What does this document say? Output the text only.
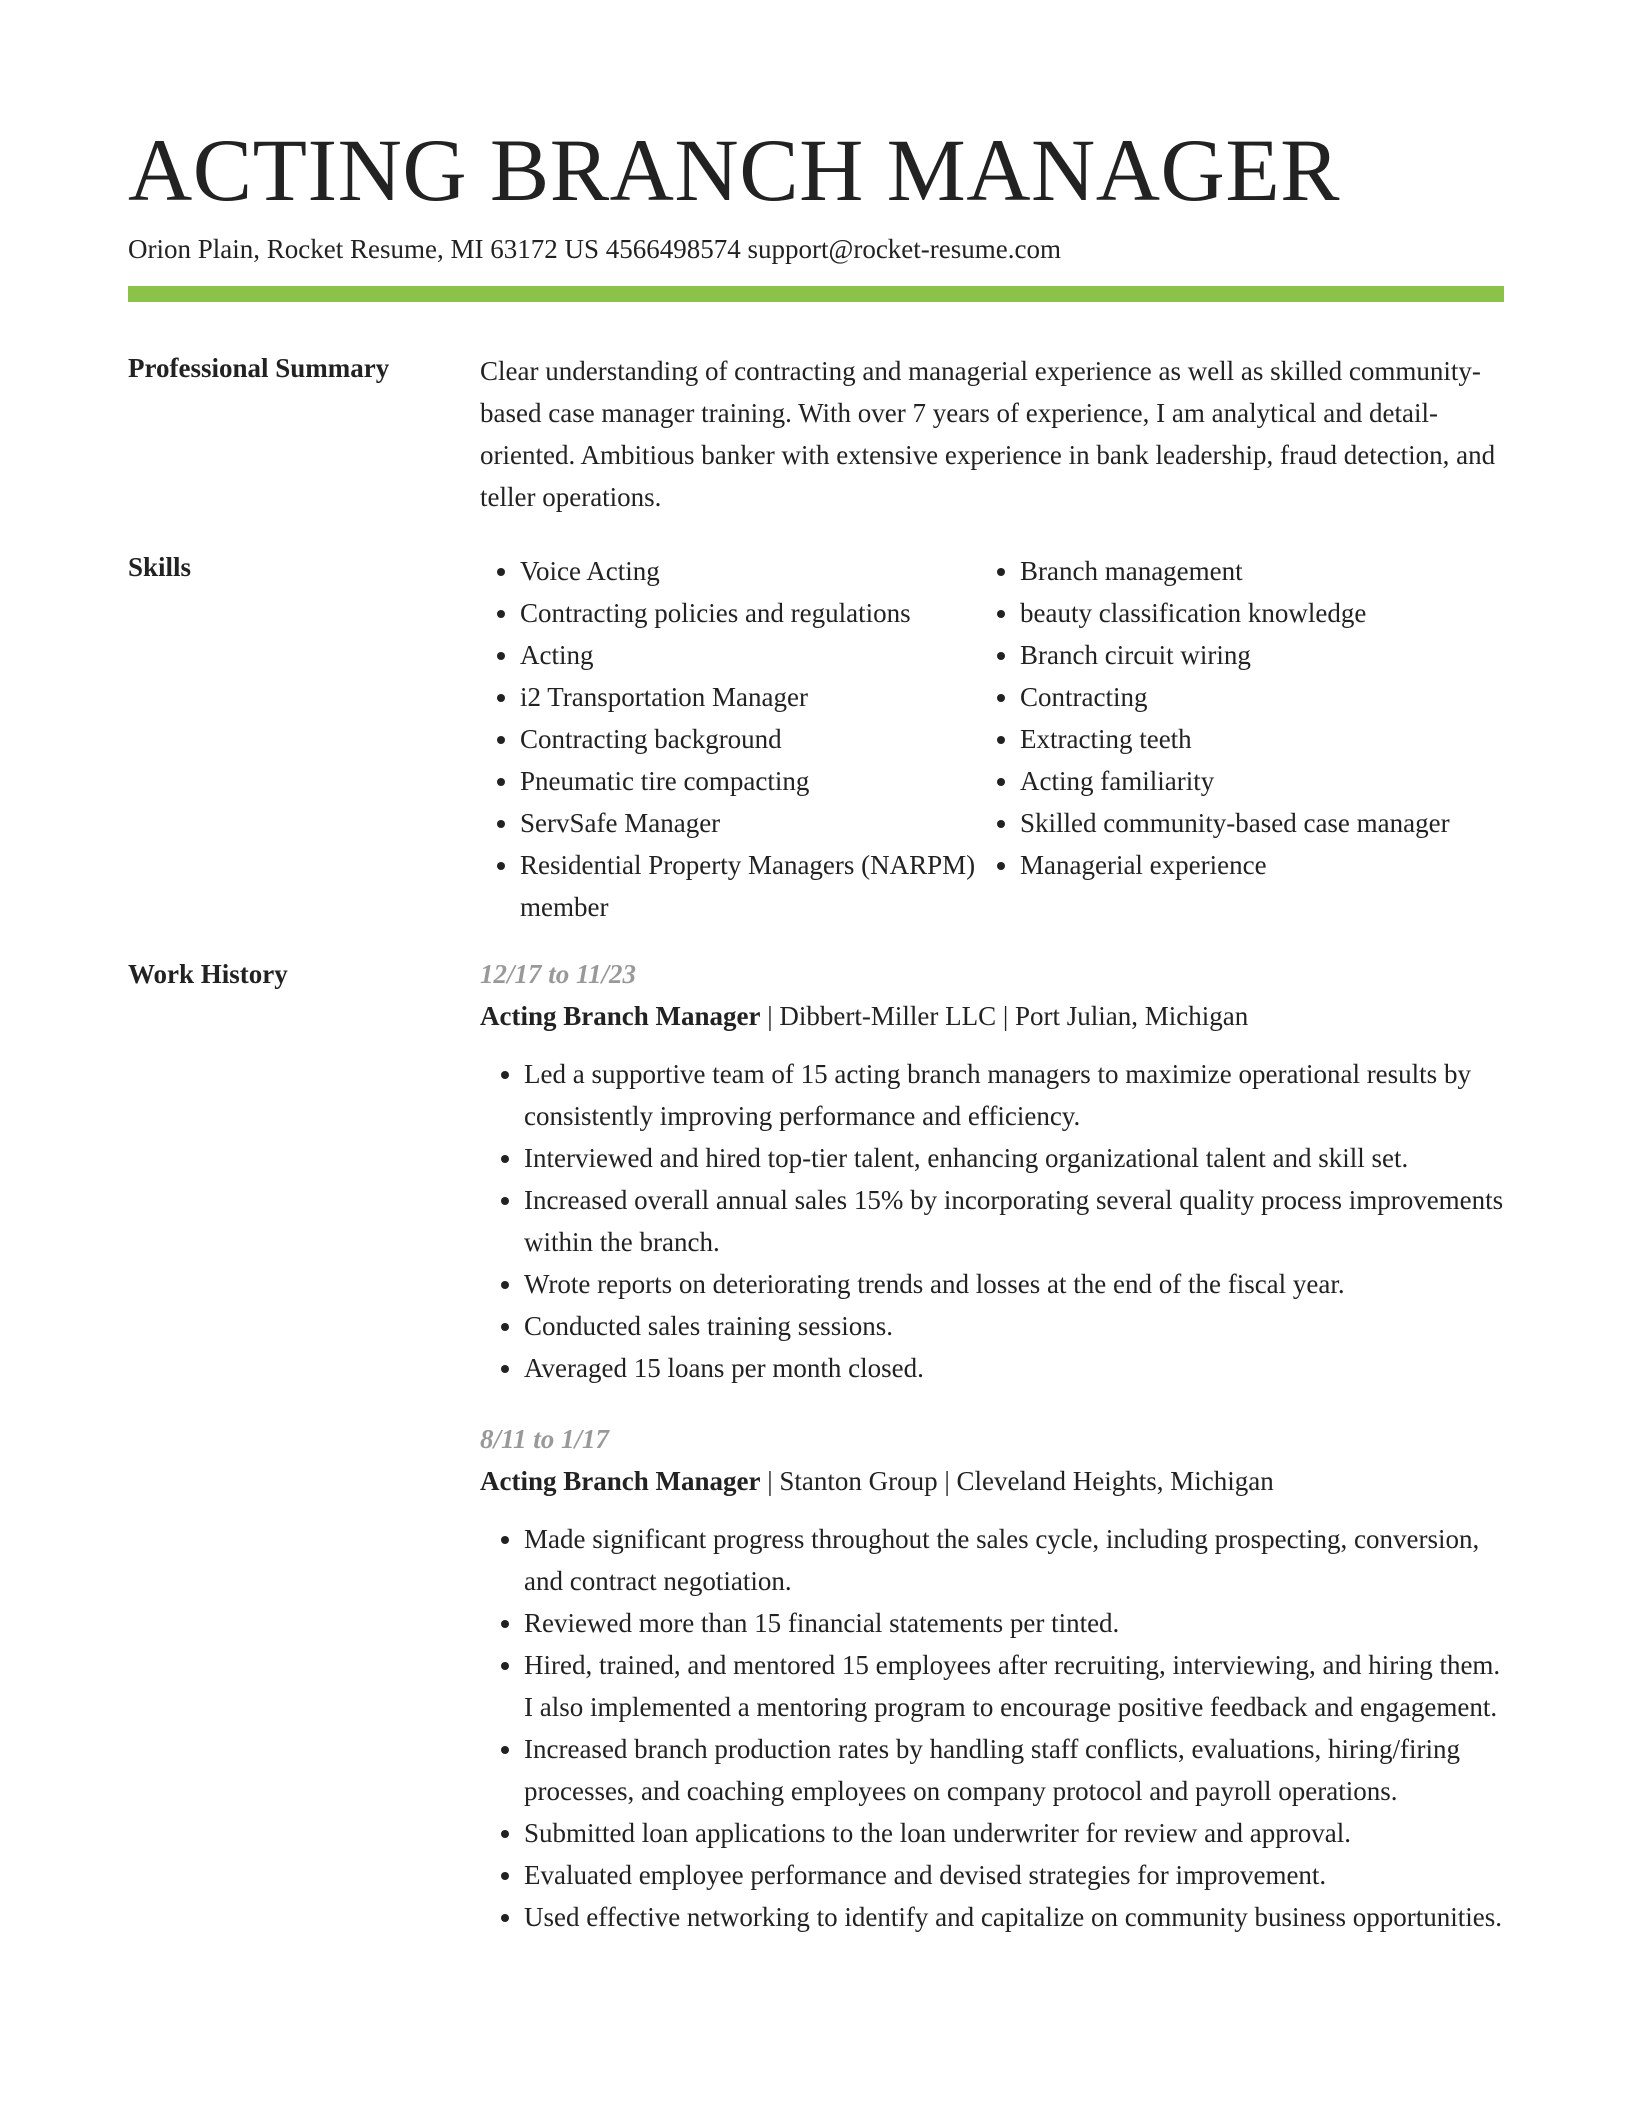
ACTING BRANCH MANAGER
Orion Plain, Rocket Resume, MI 63172 US 4566498574 support@rocket-resume.com
Professional Summary	Clear understanding of contracting and managerial experience as well as skilled community-based case manager training. With over 7 years of experience, I am analytical and detail-oriented. Ambitious banker with extensive experience in bank leadership, fraud detection, and teller operations.

Skills
•	Voice Acting
• Contracting policies and regulations
• Acting
• i2 Transportation Manager
• Contracting background
• Pneumatic tire compacting
• ServSafe Manager
• Residential Property Managers (NARPM) member
• Branch management
• beauty classification knowledge
• Branch circuit wiring
• Contracting
• Extracting teeth
• Acting familiarity
• Skilled community-based case manager
• Managerial experience
Work History	12/17 to 11/23

Acting Branch Manager | Dibbert-Miller LLC | Port Julian, Michigan

• Led a supportive team of 15 acting branch managers to maximize operational results by consistently improving performance and efficiency.
• Interviewed and hired top-tier talent, enhancing organizational talent and skill set.
• Increased overall annual sales 15% by incorporating several quality process improvements within the branch.
• Wrote reports on deteriorating trends and losses at the end of the fiscal year.
• Conducted sales training sessions.
• Averaged 15 loans per month closed.

8/11 to 1/17

Acting Branch Manager | Stanton Group | Cleveland Heights, Michigan

• Made significant progress throughout the sales cycle, including prospecting, conversion, and contract negotiation.
• Reviewed more than 15 financial statements per tinted.
• Hired, trained, and mentored 15 employees after recruiting, interviewing, and hiring them. I also implemented a mentoring program to encourage positive feedback and engagement.
• Increased branch production rates by handling staff conflicts, evaluations, hiring/firing processes, and coaching employees on company protocol and payroll operations.
• Submitted loan applications to the loan underwriter for review and approval.
• Evaluated employee performance and devised strategies for improvement.
• Used effective networking to identify and capitalize on community business opportunities.
